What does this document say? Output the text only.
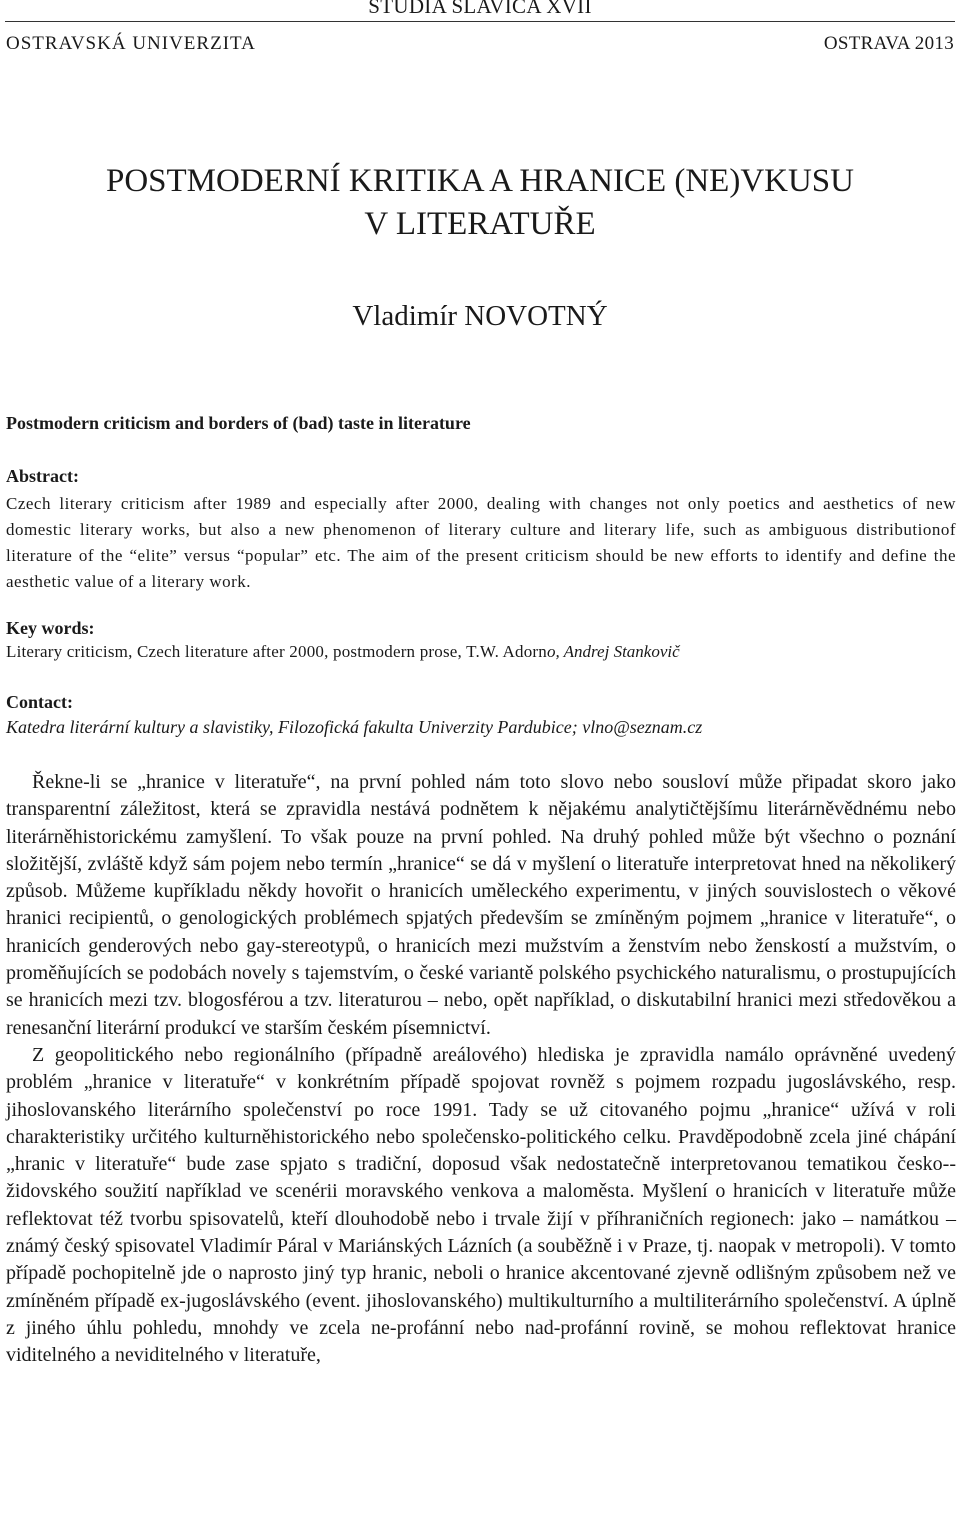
STUDIA SLAVICA XVII
OSTRAVSKÁ UNIVERZITA	OSTRAVA 2013
POSTMODERNÍ KRITIKA A HRANICE (NE)VKUSU
V LITERATUŘE
Vladimír NOVOTNÝ
Postmodern criticism and borders of (bad) taste in literature
Abstract:
Czech literary criticism after 1989 and especially after 2000, dealing with changes not only poetics and aesthetics of new domestic literary works, but also a new phenomenon of literary culture and literary life, such as ambiguous distributionof literature of the “elite” versus “popular” etc. The aim of the present criticism should be new efforts to identify and define the aesthetic value of a literary work.
Key words:
Literary criticism, Czech literature after 2000, postmodern prose, T.W. Adorno, Andrej Stankovič
Contact:
Katedra literární kultury a slavistiky, Filozofická fakulta Univerzity Pardubice; vlno@seznam.cz

Řekne-li se „hranice v literatuře“, na první pohled nám toto slovo nebo sousloví může připadat skoro jako transparentní záležitost, která se zpravidla nestává podnětem k nějakému analytičtějšímu literárněvědnému nebo literárněhistorickému zamyšlení. To však pouze na první pohled. Na druhý pohled může být všechno o poznání složitější, zvláště když sám pojem nebo termín „hranice“ se dá v myšlení o literatuře interpretovat hned na několikerý způsob. Můžeme kupříkladu někdy hovořit o hranicích uměleckého experimentu, v jiných souvislostech o věkové hranici recipientů, o genologických problémech spjatých především se zmíněným pojmem „hranice v literatuře“, o hranicích genderových nebo gay-stereotypů, o hranicích mezi mužstvím a ženstvím nebo ženskostí a mužstvím, o proměňujících se podobách novely s tajemstvím, o české variantě polského psychického naturalismu, o prostupujících se hranicích mezi tzv. blogosférou a tzv. literaturou – nebo, opět například, o diskutabilní hranici mezi středověkou a renesanční literární produkcí ve starším českém písemnictví.

Z geopolitického nebo regionálního (případně areálového) hlediska je zpravidla namálo oprávněné uvedený problém „hranice v literatuře“ v konkrétním případě spojovat rovněž s pojmem rozpadu jugoslávského, resp. jihoslovanského literárního společenství po roce 1991. Tady se už citovaného pojmu „hranice“ užívá v roli charakteristiky určitého kulturněhistorického nebo společensko-politického celku. Pravděpodobně zcela jiné chápání „hranic v literatuře“ bude zase spjato s tradiční, doposud však nedostatečně interpretovanou tematikou česko--židovského soužití například ve scenérii moravského venkova a maloměsta. Myšlení o hranicích v literatuře může reflektovat též tvorbu spisovatelů, kteří dlouhodobě nebo i trvale žijí v příhraničních regionech: jako – namátkou – známý český spisovatel Vladimír Páral v Mariánských Lázních (a souběžně i v Praze, tj. naopak v metropoli). V tomto případě pochopitelně jde o naprosto jiný typ hranic, neboli o hranice akcentované zjevně odlišným způsobem než ve zmíněném případě ex-jugoslávského (event. jihoslovanského) multikulturního a multiliterárního společenství. A úplně z jiného úhlu pohledu, mnohdy ve zcela ne-profánní nebo nad-profánní rovině, se mohou reflektovat hranice viditelného a neviditelného v literatuře,
